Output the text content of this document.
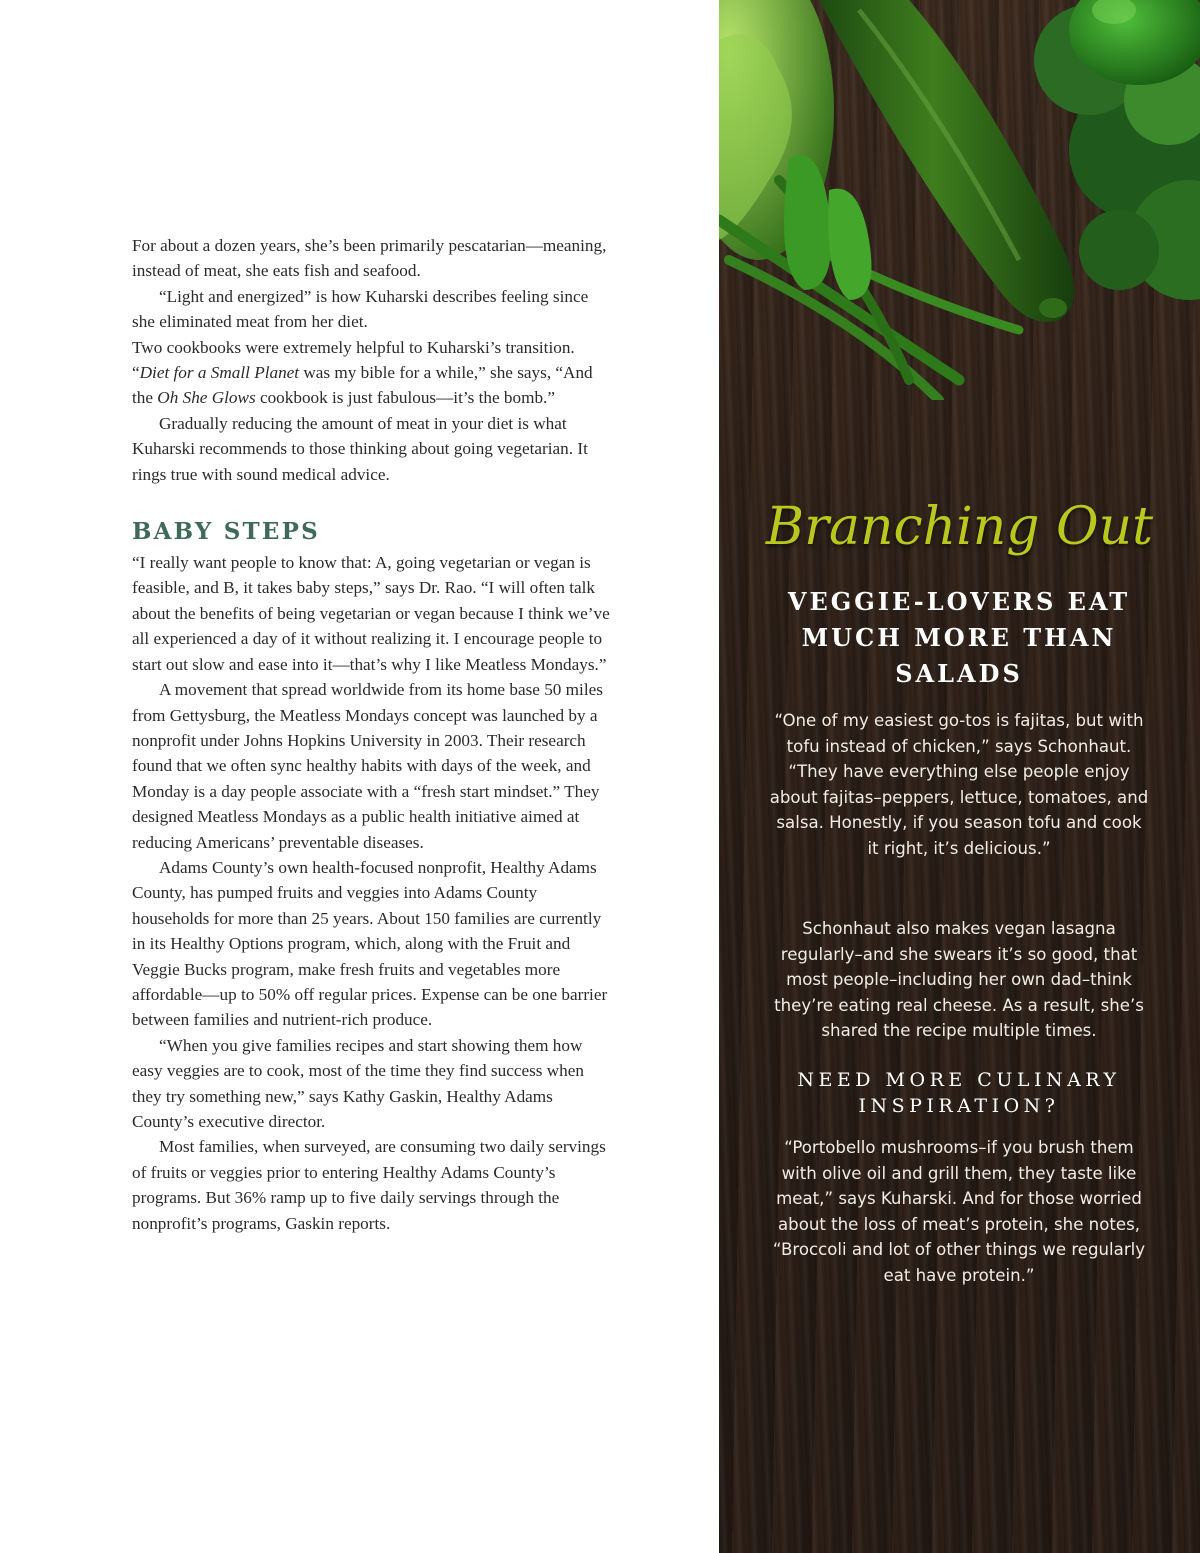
For about a dozen years, she’s been primarily pescatarian—meaning, instead of meat, she eats fish and seafood.

“Light and energized” is how Kuharski describes feeling since she eliminated meat from her diet.

Two cookbooks were extremely helpful to Kuharski’s transition. “Diet for a Small Planet was my bible for a while,” she says, “And the Oh She Glows cookbook is just fabulous—it’s the bomb.”

Gradually reducing the amount of meat in your diet is what Kuharski recommends to those thinking about going vegetarian. It rings true with sound medical advice.

BABY STEPS

“I really want people to know that: A, going vegetarian or vegan is feasible, and B, it takes baby steps,” says Dr. Rao. “I will often talk about the benefits of being vegetarian or vegan because I think we’ve all experienced a day of it without realizing it. I encourage people to start out slow and ease into it—that’s why I like Meatless Mondays.”

A movement that spread worldwide from its home base 50 miles from Gettysburg, the Meatless Mondays concept was launched by a nonprofit under Johns Hopkins University in 2003. Their research found that we often sync healthy habits with days of the week, and Monday is a day people associate with a “fresh start mindset.” They designed Meatless Mondays as a public health initiative aimed at reducing Americans’ preventable diseases.

Adams County’s own health-focused nonprofit, Healthy Adams County, has pumped fruits and veggies into Adams County households for more than 25 years. About 150 families are currently in its Healthy Options program, which, along with the Fruit and Veggie Bucks program, make fresh fruits and vegetables more affordable—up to 50% off regular prices. Expense can be one barrier between families and nutrient-rich produce.

“When you give families recipes and start showing them how easy veggies are to cook, most of the time they find success when they try something new,” says Kathy Gaskin, Healthy Adams County’s executive director.

Most families, when surveyed, are consuming two daily servings of fruits or veggies prior to entering Healthy Adams County’s programs. But 36% ramp up to five daily servings through the nonprofit’s programs, Gaskin reports.

Branching Out
VEGGIE-LOVERS EAT MUCH MORE THAN SALADS
“One of my easiest go-tos is fajitas, but with tofu instead of chicken,” says Schonhaut. “They have everything else people enjoy about fajitas–peppers, lettuce, tomatoes, and salsa. Honestly, if you season tofu and cook it right, it’s delicious.”
Schonhaut also makes vegan lasagna regularly–and she swears it’s so good, that most people–including her own dad–think they’re eating real cheese. As a result, she’s shared the recipe multiple times.
NEED MORE CULINARY INSPIRATION?
“Portobello mushrooms–if you brush them with olive oil and grill them, they taste like meat,” says Kuharski. And for those worried about the loss of meat’s protein, she notes, “Broccoli and lot of other things we regularly eat have protein.”
